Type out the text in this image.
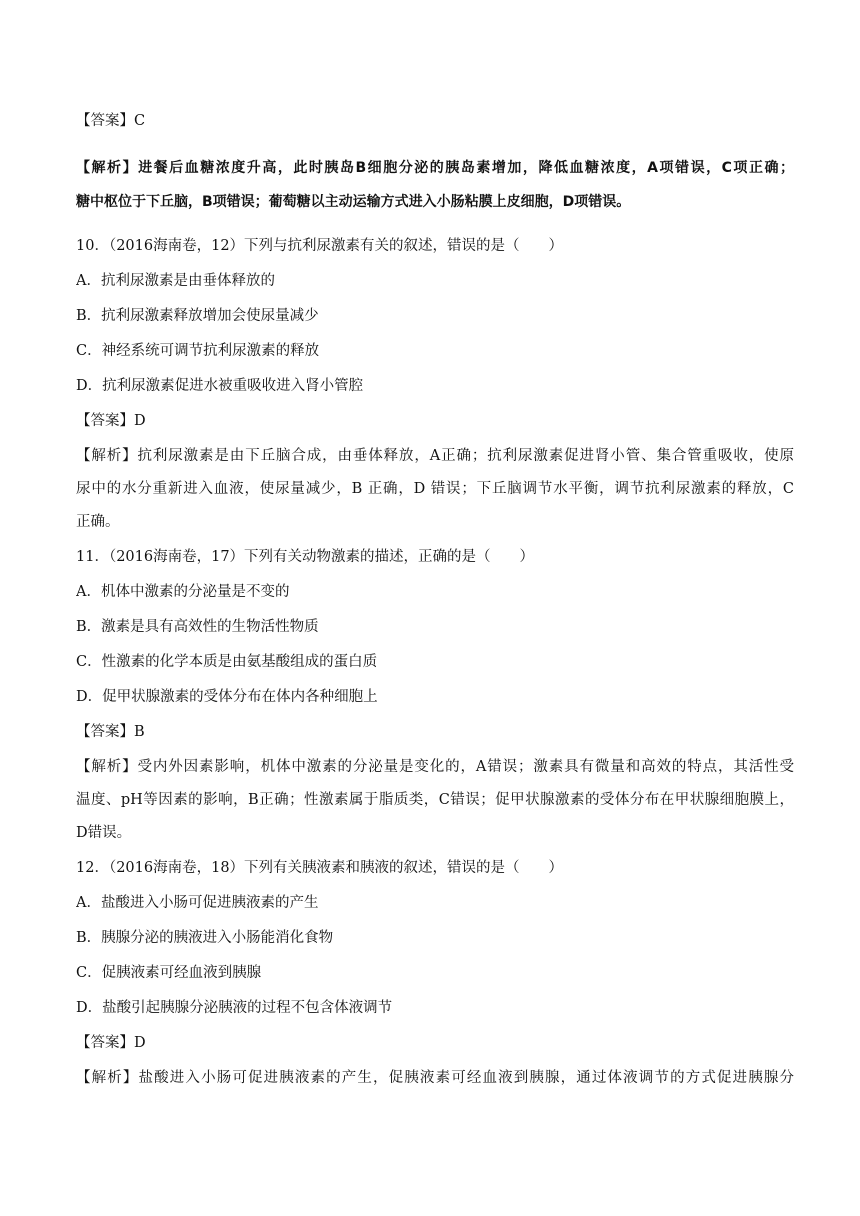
【答案】C
【解析】进餐后血糖浓度升高，此时胰岛B细胞分泌的胰岛素增加，降低血糖浓度，A项错误，C项正确；
糖中枢位于下丘脑，B项错误；葡萄糖以主动运输方式进入小肠粘膜上皮细胞，D项错误。
10．（2016海南卷，12）下列与抗利尿激素有关的叙述，错误的是（　　）
A．抗利尿激素是由垂体释放的
B．抗利尿激素释放增加会使尿量减少
C．神经系统可调节抗利尿激素的释放
D．抗利尿激素促进水被重吸收进入肾小管腔
【答案】D
【解析】抗利尿激素是由下丘脑合成，由垂体释放，A正确；抗利尿激素促进肾小管、集合管重吸收，使原
尿中的水分重新进入血液，使尿量减少，B 正确，D 错误；下丘脑调节水平衡，调节抗利尿激素的释放，C
正确。
11．（2016海南卷，17）下列有关动物激素的描述，正确的是（　　）
A．机体中激素的分泌量是不变的
B．激素是具有高效性的生物活性物质
C．性激素的化学本质是由氨基酸组成的蛋白质
D．促甲状腺激素的受体分布在体内各种细胞上
【答案】B
【解析】受内外因素影响，机体中激素的分泌量是变化的，A错误；激素具有微量和高效的特点，其活性受
温度、pH等因素的影响，B正确；性激素属于脂质类，C错误；促甲状腺激素的受体分布在甲状腺细胞膜上，
D错误。
12．（2016海南卷，18）下列有关胰液素和胰液的叙述，错误的是（　　）
A．盐酸进入小肠可促进胰液素的产生
B．胰腺分泌的胰液进入小肠能消化食物
C．促胰液素可经血液到胰腺
D．盐酸引起胰腺分泌胰液的过程不包含体液调节
【答案】D
【解析】盐酸进入小肠可促进胰液素的产生，促胰液素可经血液到胰腺，通过体液调节的方式促进胰腺分
